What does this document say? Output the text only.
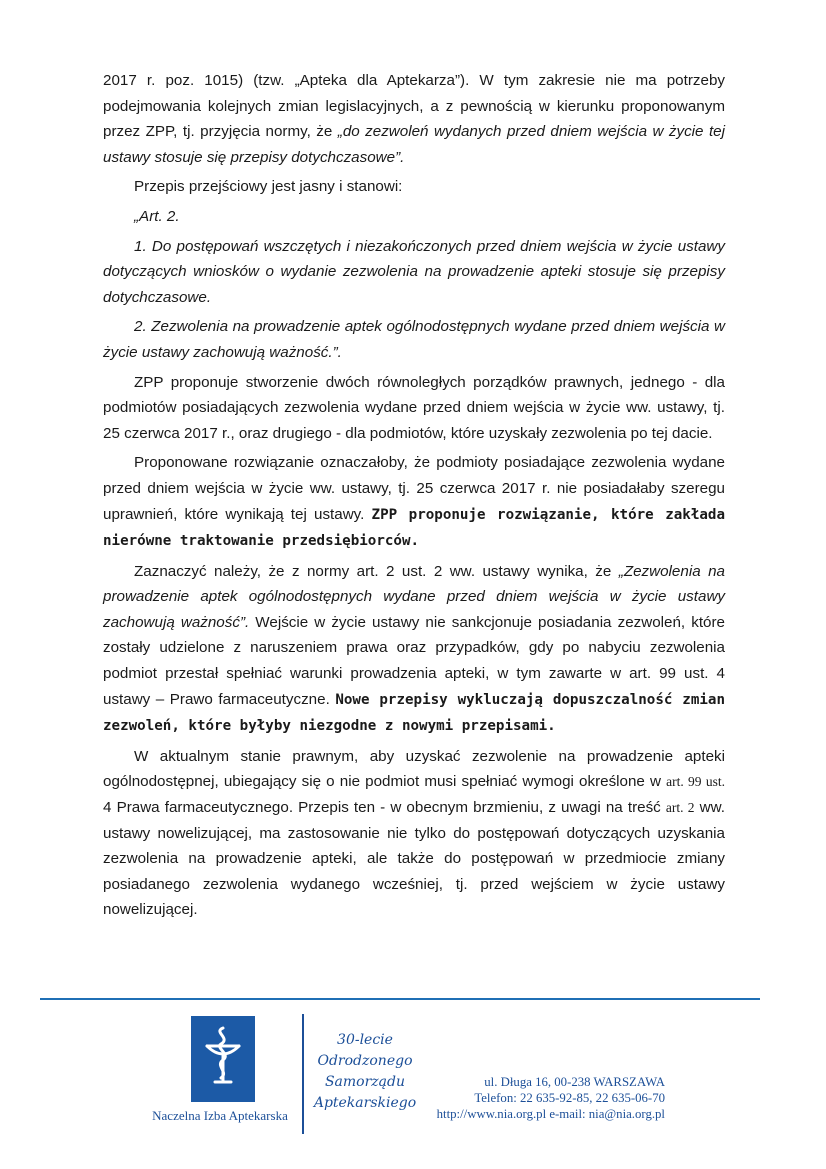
2017 r. poz. 1015) (tzw. „Apteka dla Aptekarza”). W tym zakresie nie ma potrzeby podejmowania kolejnych zmian legislacyjnych, a z pewnością w kierunku proponowanym przez ZPP, tj. przyjęcia normy, że „do zezwoleń wydanych przed dniem wejścia w życie tej ustawy stosuje się przepisy dotychczasowe”.

Przepis przejściowy jest jasny i stanowi:

„Art. 2.

1. Do postępowań wszczętych i niezakończonych przed dniem wejścia w życie ustawy dotyczących wniosków o wydanie zezwolenia na prowadzenie apteki stosuje się przepisy dotychczasowe.

2. Zezwolenia na prowadzenie aptek ogólnodostępnych wydane przed dniem wejścia w życie ustawy zachowują ważność.”.

ZPP proponuje stworzenie dwóch równoległych porządków prawnych, jednego - dla podmiotów posiadających zezwolenia wydane przed dniem wejścia w życie ww. ustawy, tj. 25 czerwca 2017 r., oraz drugiego - dla podmiotów, które uzyskały zezwolenia po tej dacie.

Proponowane rozwiązanie oznaczałoby, że podmioty posiadające zezwolenia wydane przed dniem wejścia w życie ww. ustawy, tj. 25 czerwca 2017 r. nie posiadałaby szeregu uprawnień, które wynikają tej ustawy. ZPP proponuje rozwiązanie, które zakłada nierówne traktowanie przedsiębiorców.

Zaznaczyć należy, że z normy art. 2 ust. 2 ww. ustawy wynika, że „Zezwolenia na prowadzenie aptek ogólnodostępnych wydane przed dniem wejścia w życie ustawy zachowują ważność”. Wejście w życie ustawy nie sankcjonuje posiadania zezwoleń, które zostały udzielone z naruszeniem prawa oraz przypadków, gdy po nabyciu zezwolenia podmiot przestał spełniać warunki prowadzenia apteki, w tym zawarte w art. 99 ust. 4 ustawy – Prawo farmaceutyczne. Nowe przepisy wykluczają dopuszczalność zmian zezwoleń, które byłyby niezgodne z nowymi przepisami.

W aktualnym stanie prawnym, aby uzyskać zezwolenie na prowadzenie apteki ogólnodostępnej, ubiegający się o nie podmiot musi spełniać wymogi określone w art. 99 ust. 4 Prawa farmaceutycznego. Przepis ten - w obecnym brzmieniu, z uwagi na treść art. 2 ww. ustawy nowelizującej, ma zastosowanie nie tylko do postępowań dotyczących uzyskania zezwolenia na prowadzenie apteki, ale także do postępowań w przedmiocie zmiany posiadanego zezwolenia wydanego wcześniej, tj. przed wejściem w życie ustawy nowelizującej.

Naczelna Izba Aptekarska
30-lecie
Odrodzonego
Samorządu
Aptekarskiego
ul. Długa 16, 00-238 WARSZAWA
Telefon: 22 635-92-85, 22 635-06-70
http://www.nia.org.pl e-mail: nia@nia.org.pl
